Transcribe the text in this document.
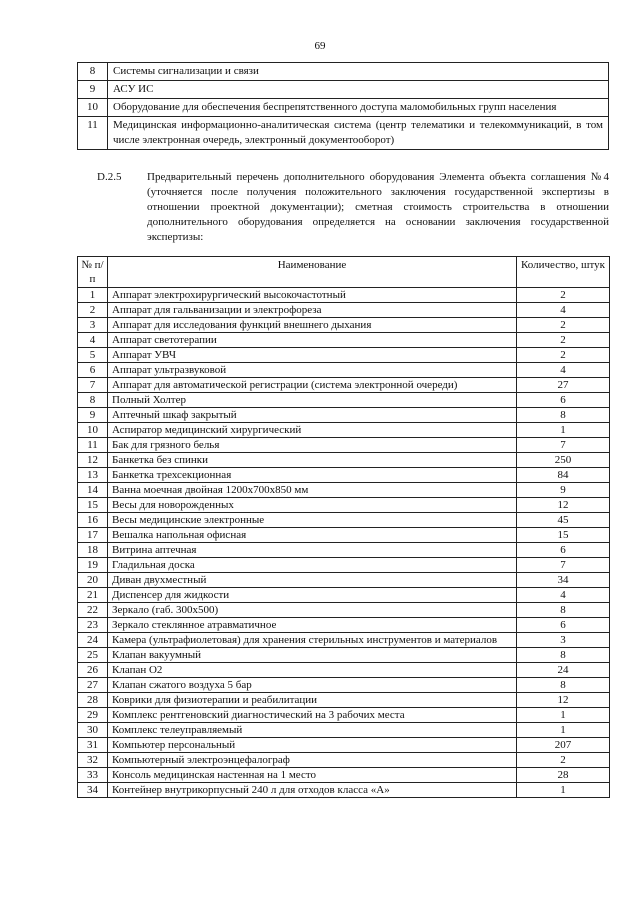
69
8	Системы сигнализации и связи
9	АСУ ИС
10	Оборудование для обеспечения беспрепятственного доступа маломобильных групп населения
11	Медицинская информационно-аналитическая система (центр телематики и телекоммуникаций, в том числе электронная очередь, электронный документооборот)
D.2.5	Предварительный перечень дополнительного оборудования Элемента объекта соглашения №4 (уточняется после получения положительного заключения государственной экспертизы в отношении проектной документации); сметная стоимость строительства в отношении дополнительного оборудования определяется на основании заключения государственной экспертизы:
№ п/п	Наименование	Количество, штук
1	Аппарат электрохирургический высокочастотный	2
2	Аппарат для гальванизации и электрофореза	4
3	Аппарат для исследования функций внешнего дыхания	2
4	Аппарат светотерапии	2
5	Аппарат УВЧ	2
6	Аппарат ультразвуковой	4
7	Аппарат для автоматической регистрации (система электронной очереди)	27
8	Полный Холтер	6
9	Аптечный шкаф закрытый	8
10	Аспиратор медицинский хирургический	1
11	Бак для грязного белья	7
12	Банкетка без спинки	250
13	Банкетка трехсекционная	84
14	Ванна моечная двойная 1200х700х850 мм	9
15	Весы для новорожденных	12
16	Весы медицинские электронные	45
17	Вешалка напольная офисная	15
18	Витрина аптечная	6
19	Гладильная доска	7
20	Диван двухместный	34
21	Диспенсер для жидкости	4
22	Зеркало (габ. 300х500)	8
23	Зеркало стеклянное атравматичное	6
24	Камера (ультрафиолетовая) для хранения стерильных инструментов и материалов	3
25	Клапан вакуумный	8
26	Клапан О2	24
27	Клапан сжатого воздуха 5 бар	8
28	Коврики для физиотерапии и реабилитации	12
29	Комплекс рентгеновский диагностический на 3 рабочих места	1
30	Комплекс телеуправляемый	1
31	Компьютер персональный	207
32	Компьютерный электроэнцефалограф	2
33	Консоль медицинская настенная на 1 место	28
34	Контейнер внутрикорпусный 240 л для отходов класса «А»	1
